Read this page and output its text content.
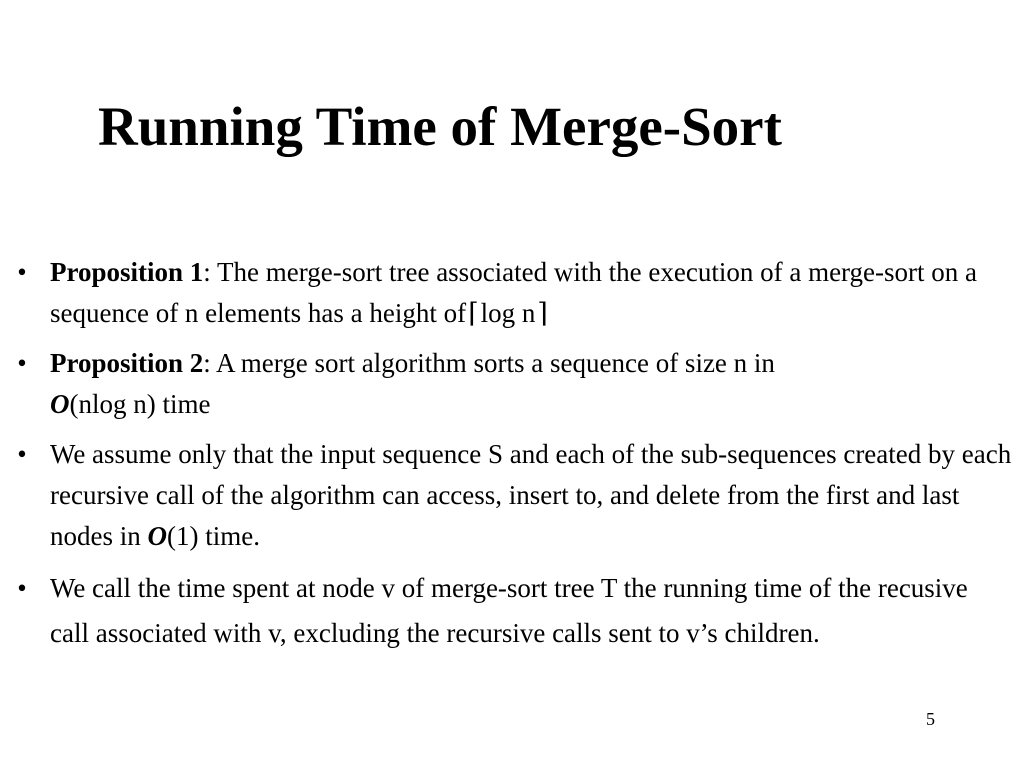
Running Time of Merge-Sort
• Proposition 1: The merge-sort tree associated with the execution of a merge-sort on a sequence of n elements has a height of⌈log n⌉
• Proposition 2: A merge sort algorithm sorts a sequence of size n in
O(nlog n) time
• We assume only that the input sequence S and each of the sub-sequences created by each recursive call of the algorithm can access, insert to, and delete from the first and last nodes in O(1) time.
• We call the time spent at node v of merge-sort tree T the running time of the recusive call associated with v, excluding the recursive calls sent to v’s children.
5
